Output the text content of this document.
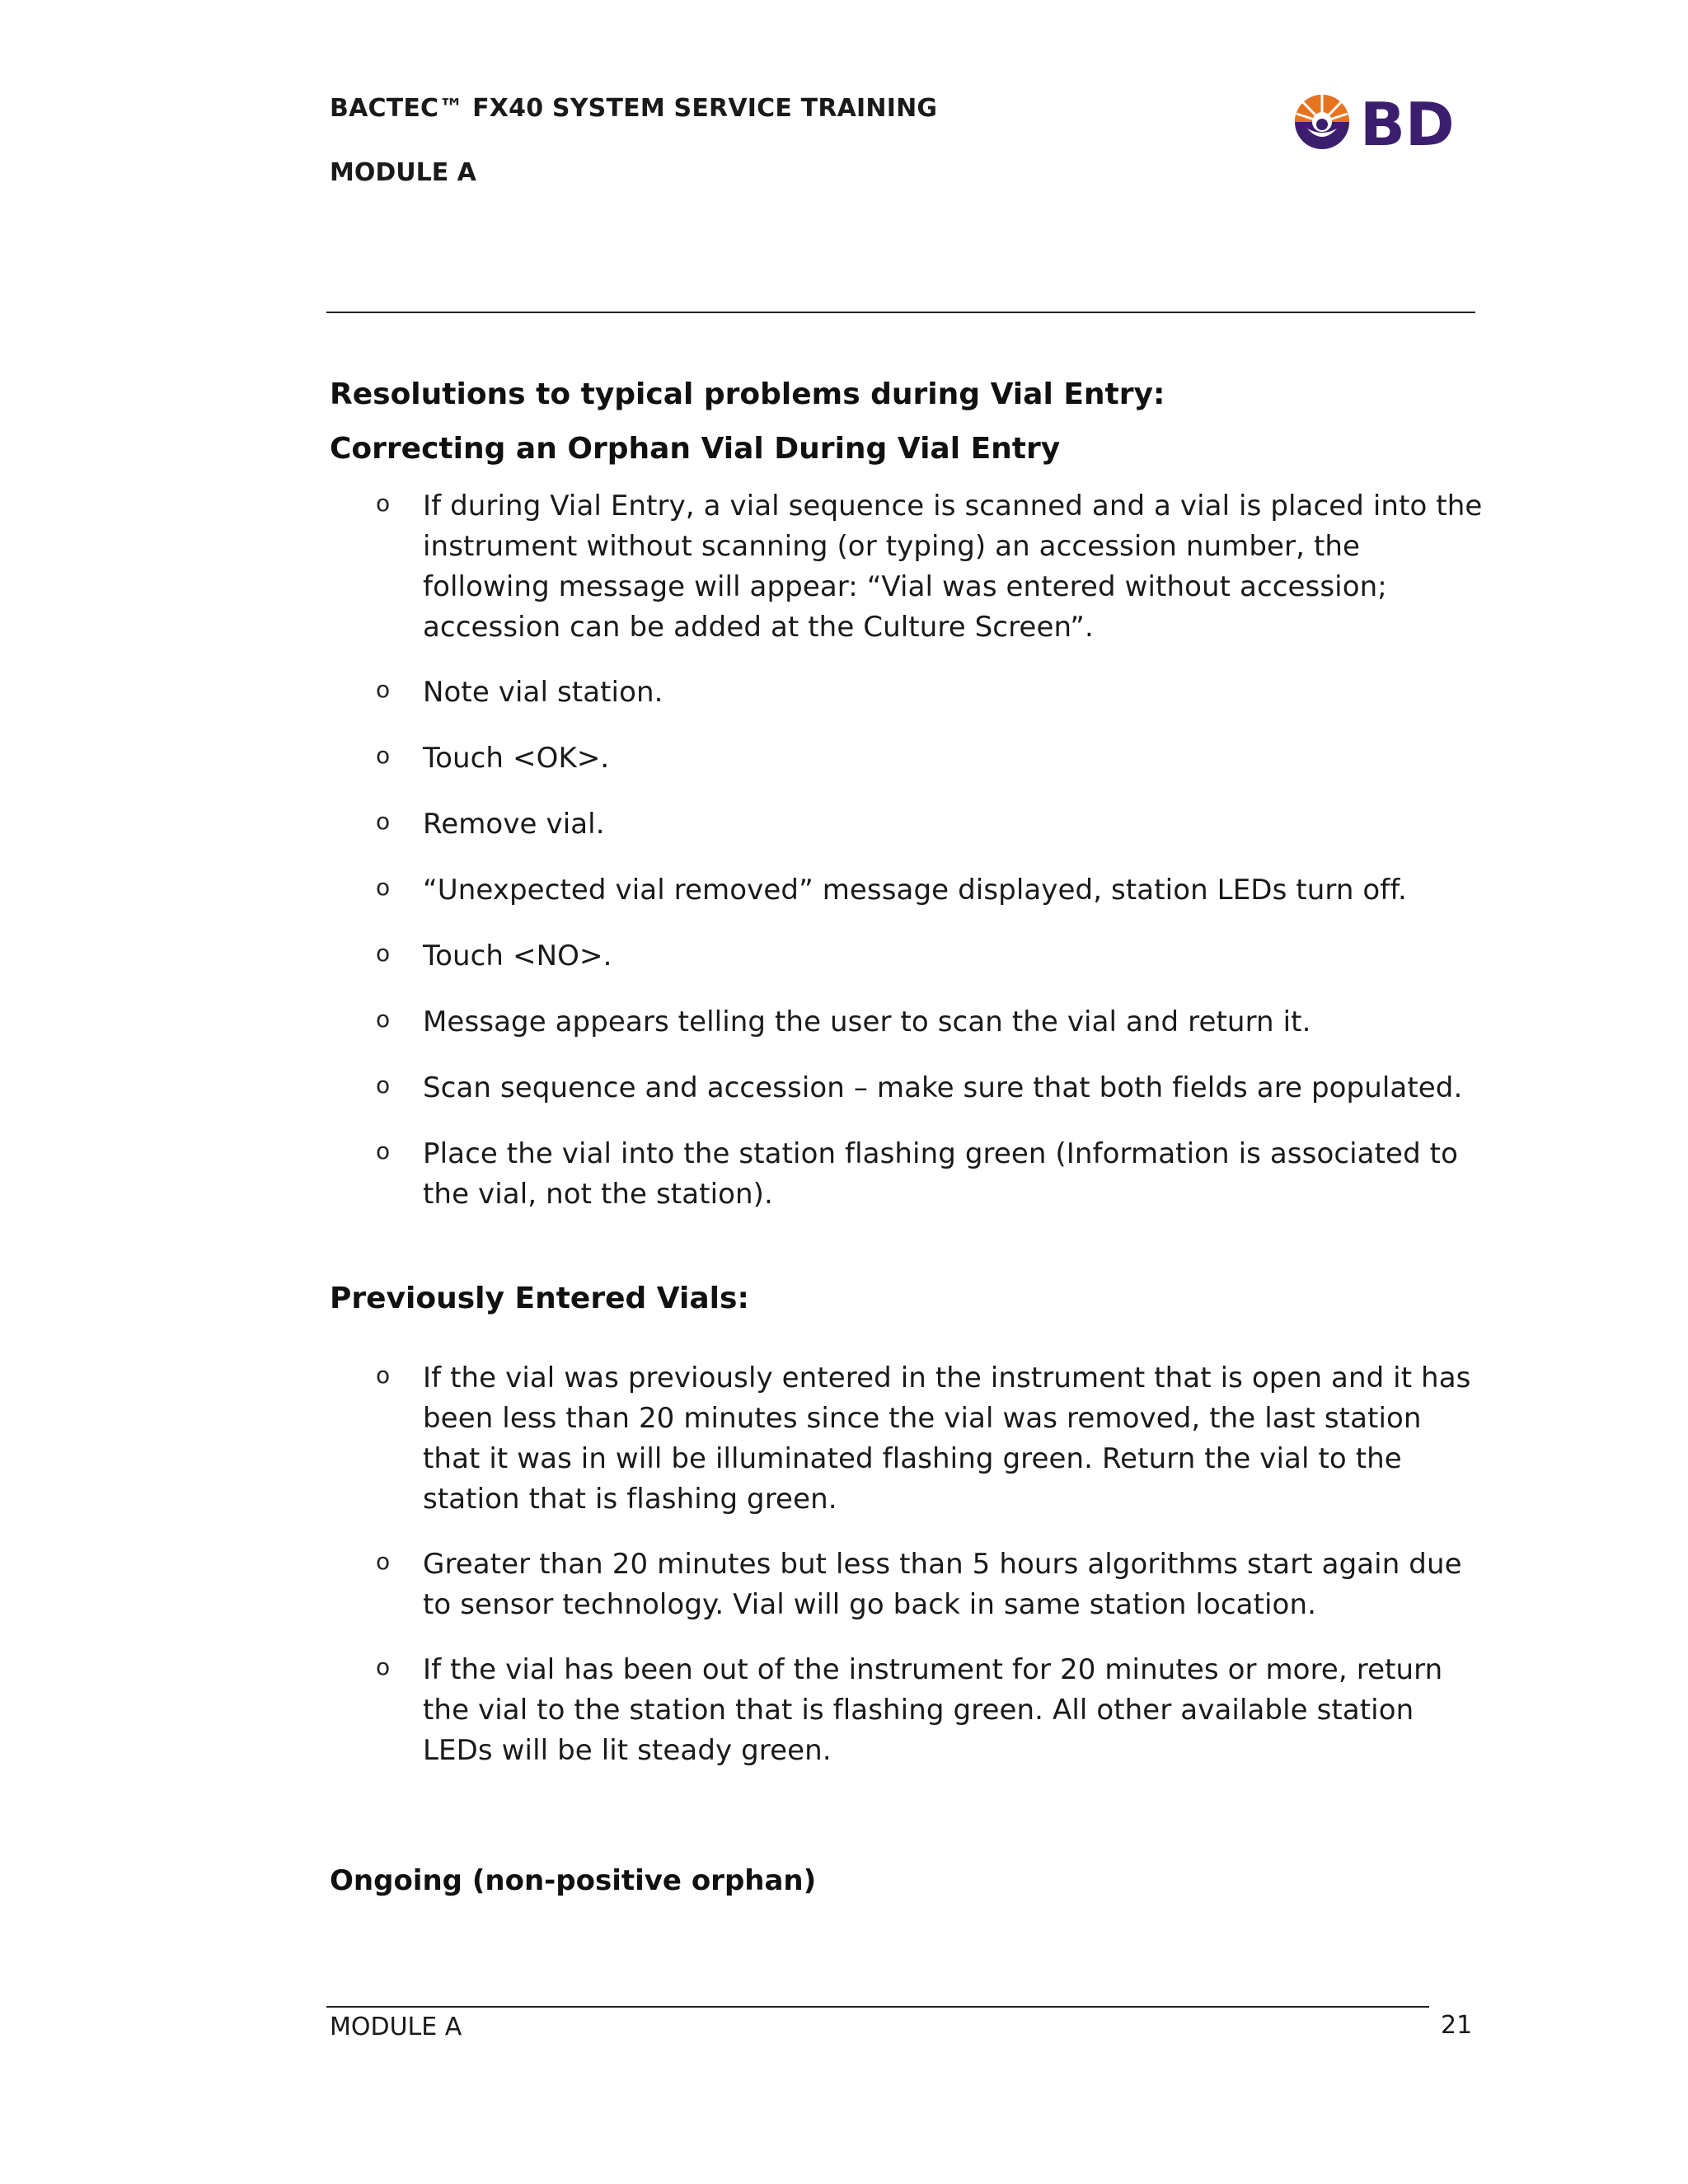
BACTEC™ FX40 SYSTEM SERVICE TRAINING
MODULE A
BD
Resolutions to typical problems during Vial Entry:
Correcting an Orphan Vial During Vial Entry
o If during Vial Entry, a vial sequence is scanned and a vial is placed into the instrument without scanning (or typing) an accession number, the following message will appear: “Vial was entered without accession; accession can be added at the Culture Screen”.
o Note vial station.
o Touch <OK>.
o Remove vial.
o “Unexpected vial removed” message displayed, station LEDs turn off.
o Touch <NO>.
o Message appears telling the user to scan the vial and return it.
o Scan sequence and accession – make sure that both fields are populated.
o Place the vial into the station flashing green (Information is associated to the vial, not the station).
Previously Entered Vials:
o If the vial was previously entered in the instrument that is open and it has been less than 20 minutes since the vial was removed, the last station that it was in will be illuminated flashing green. Return the vial to the station that is flashing green.
o Greater than 20 minutes but less than 5 hours algorithms start again due to sensor technology. Vial will go back in same station location.
o If the vial has been out of the instrument for 20 minutes or more, return the vial to the station that is flashing green. All other available station LEDs will be lit steady green.
Ongoing (non-positive orphan)
MODULE A	21
